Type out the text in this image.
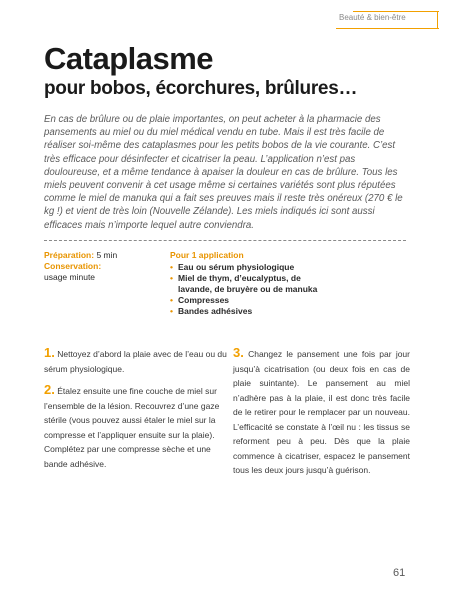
Beauté & bien-être
Cataplasme
pour bobos, écorchures, brûlures…

En cas de brûlure ou de plaie importantes, on peut acheter à la pharmacie des pansements au miel ou du miel médical vendu en tube. Mais il est très facile de réaliser soi-même des cataplasmes pour les petits bobos de la vie courante. C’est très efficace pour désinfecter et cicatriser la peau. L’application n’est pas douloureuse, et a même tendance à apaiser la douleur en cas de brûlure. Tous les miels peuvent convenir à cet usage même si certaines variétés sont plus réputées comme le miel de manuka qui a fait ses preuves mais il reste très onéreux (270 € le kg !) et vient de très loin (Nouvelle Zélande). Les miels indiqués ici sont aussi efficaces mais n’importe lequel autre conviendra.

Préparation: 5 min
Conservation:
usage minute
Pour 1 application
• Eau ou sérum physiologique
• Miel de thym, d’eucalyptus, de lavande, de bruyère ou de manuka
• Compresses
• Bandes adhésives

1. Nettoyez d’abord la plaie avec de l’eau ou du sérum physiologique.

2. Étalez ensuite une fine couche de miel sur l’ensemble de la lésion. Recouvrez d’une gaze stérile (vous pouvez aussi étaler le miel sur la compresse et l’appliquer ensuite sur la plaie). Complétez par une compresse sèche et une bande adhésive.

3. Changez le pansement une fois par jour jusqu’à cicatrisation (ou deux fois en cas de plaie suintante). Le pansement au miel n’adhère pas à la plaie, il est donc très facile de le retirer pour le remplacer par un nouveau. L’efficacité se constate à l’œil nu : les tissus se reforment peu à peu. Dès que la plaie commence à cicatriser, espacez le pansement tous les deux jours jusqu’à guérison.

61
